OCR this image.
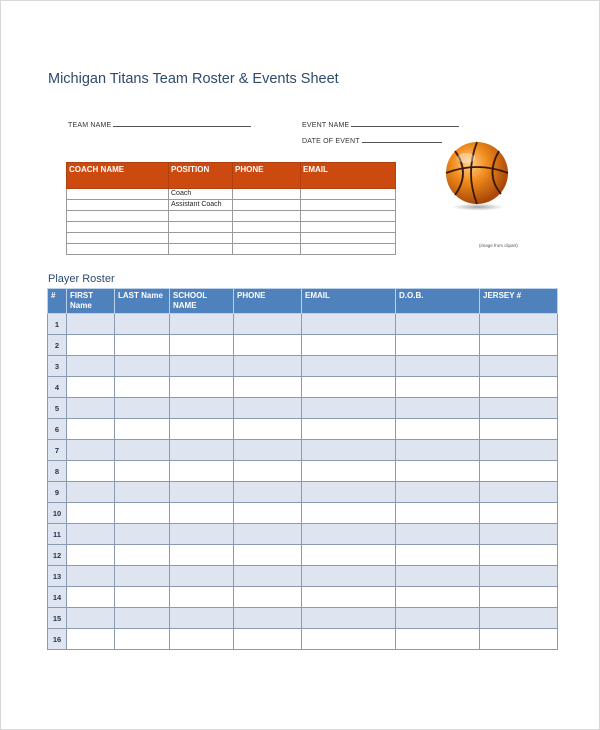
Michigan Titans Team Roster & Events Sheet
TEAM NAME	EVENT NAME
DATE OF EVENT
COACH NAME	POSITION	PHONE	EMAIL
	Coach		
	Assistant Coach		

(image from clipart)
Player Roster
#	FIRST Name	LAST Name	SCHOOL NAME	PHONE	EMAIL	D.O.B.	JERSEY #
1							
2							
3							
4							
5							
6							
7							
8							
9							
10							
11							
12							
13							
14							
15							
16							
